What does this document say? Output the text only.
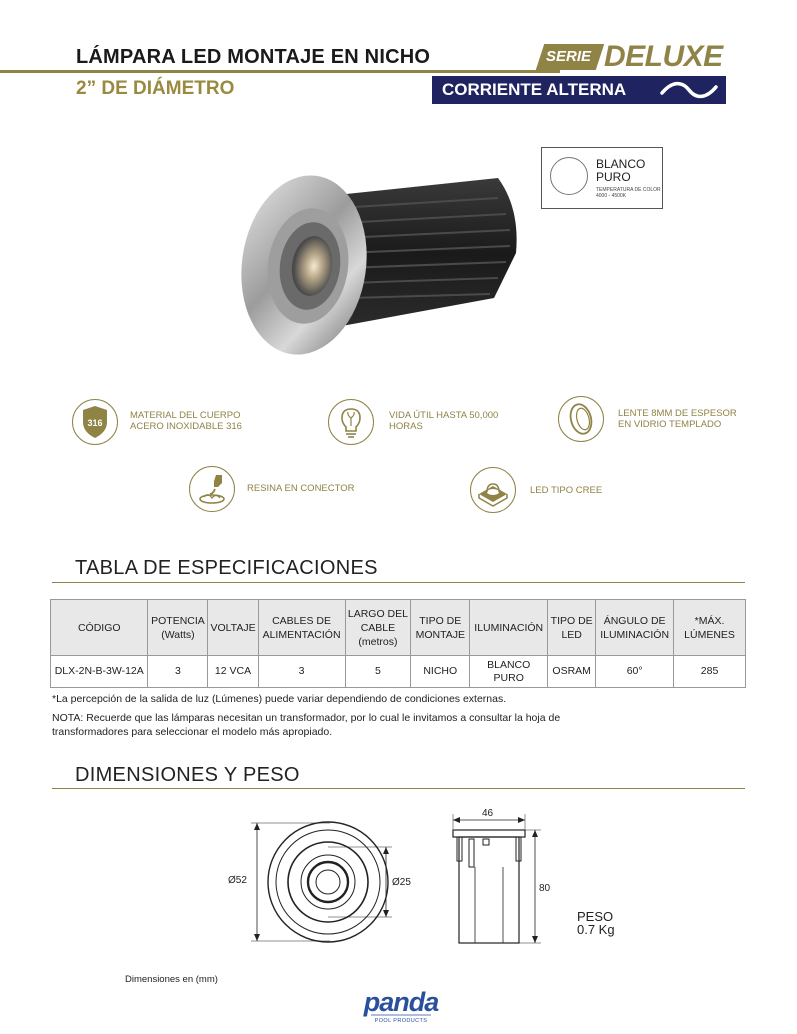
LÁMPARA LED MONTAJE EN NICHO
2” DE DIÁMETRO
SERIE DELUXE
CORRIENTE ALTERNA
BLANCO PURO
TEMPERATURA DE COLOR 4000 - 4500K
316
MATERIAL DEL CUERPO ACERO INOXIDABLE 316
VIDA ÚTIL HASTA 50,000 HORAS
LENTE 8MM DE ESPESOR EN VIDRIO TEMPLADO
RESINA EN CONECTOR	LED TIPO CREE
TABLA DE ESPECIFICACIONES
CÓDIGO	POTENCIA (Watts)	VOLTAJE	CABLES DE ALIMENTACIÓN	LARGO DEL CABLE (metros)	TIPO DE MONTAJE	ILUMINACIÓN	TIPO DE LED	ÁNGULO DE ILUMINACIÓN	*MÁX. LÚMENES
DLX-2N-B-3W-12A	3	12 VCA	3	5	NICHO	BLANCO PURO	OSRAM	60°	285
*La percepción de la salida de luz (Lúmenes) puede variar dependiendo de condiciones externas.
NOTA: Recuerde que las lámparas necesitan un transformador, por lo cual le invitamos a consultar la hoja de transformadores para seleccionar el modelo más apropiado.
DIMENSIONES Y PESO
Ø52	Ø25
46
80
PESO
0.7 Kg
Dimensiones en (mm)
panda
POOL PRODUCTS
